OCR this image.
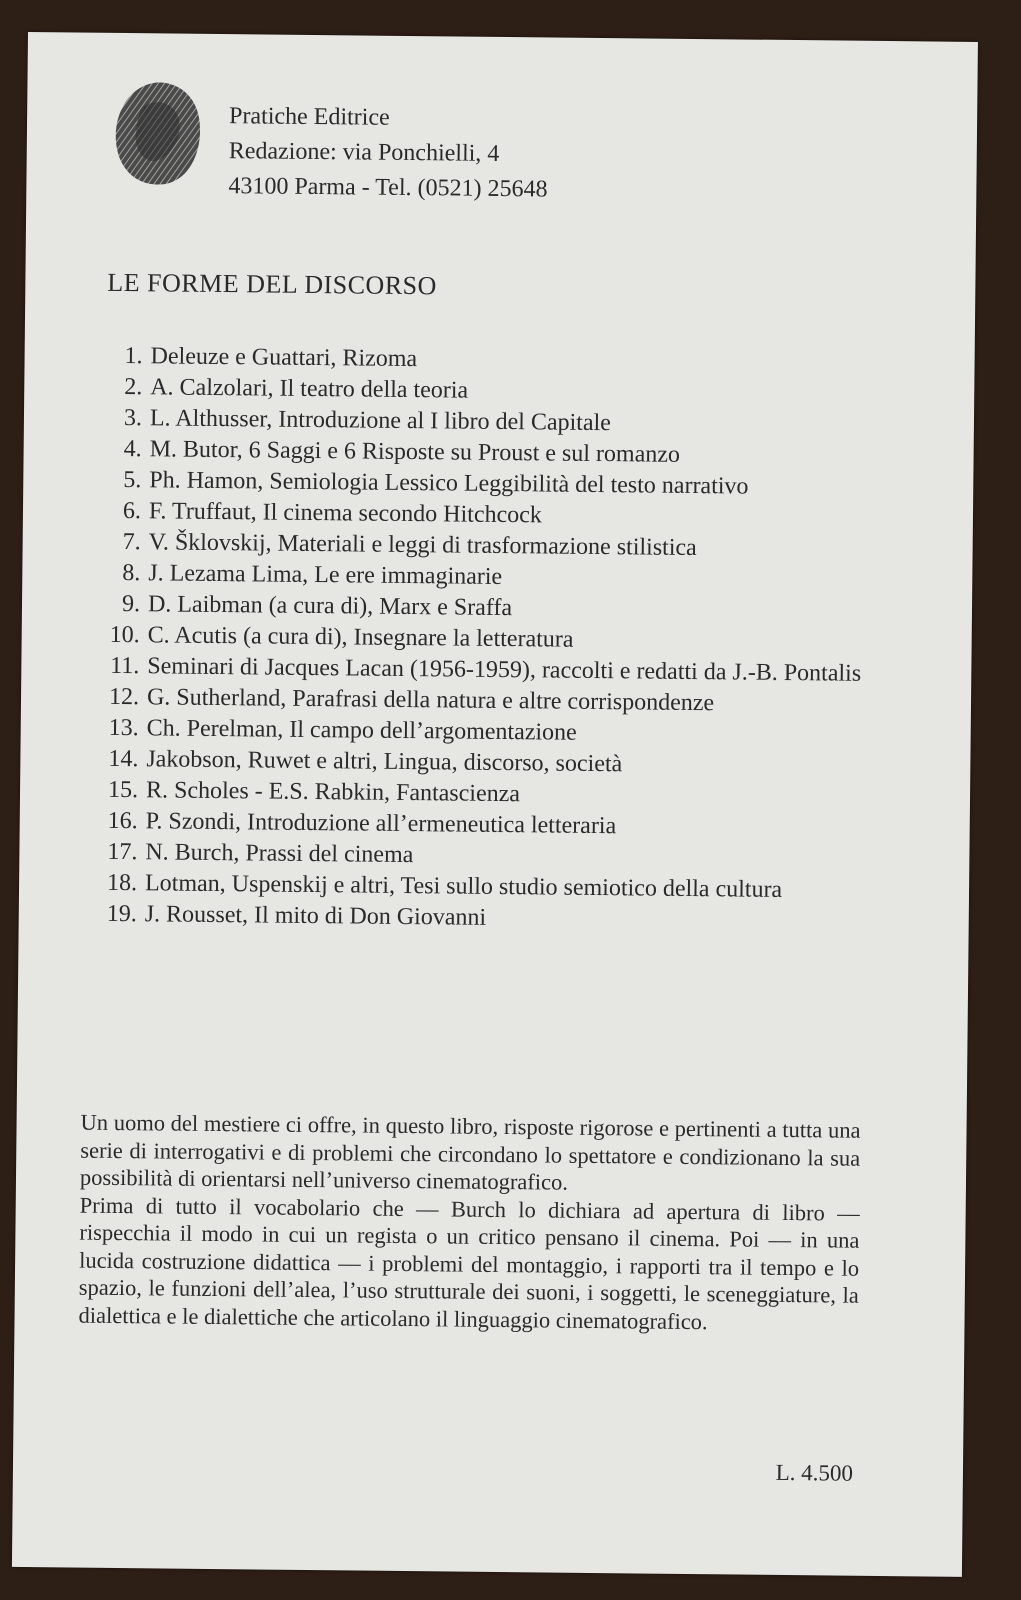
Pratiche Editrice
Redazione: via Ponchielli, 4
43100 Parma - Tel. (0521) 25648
LE FORME DEL DISCORSO
1. Deleuze e Guattari, Rizoma
2. A. Calzolari, Il teatro della teoria
3. L. Althusser, Introduzione al I libro del Capitale
4. M. Butor, 6 Saggi e 6 Risposte su Proust e sul romanzo
5. Ph. Hamon, Semiologia Lessico Leggibilità del testo narrativo
6. F. Truffaut, Il cinema secondo Hitchcock
7. V. Šklovskij, Materiali e leggi di trasformazione stilistica
8. J. Lezama Lima, Le ere immaginarie
9. D. Laibman (a cura di), Marx e Sraffa
10. C. Acutis (a cura di), Insegnare la letteratura
11. Seminari di Jacques Lacan (1956-1959), raccolti e redatti da J.-B. Pontalis
12. G. Sutherland, Parafrasi della natura e altre corrispondenze
13. Ch. Perelman, Il campo dell’argomentazione
14. Jakobson, Ruwet e altri, Lingua, discorso, società
15. R. Scholes - E.S. Rabkin, Fantascienza
16. P. Szondi, Introduzione all’ermeneutica letteraria
17. N. Burch, Prassi del cinema
18. Lotman, Uspenskij e altri, Tesi sullo studio semiotico della cultura
19. J. Rousset, Il mito di Don Giovanni

Un uomo del mestiere ci offre, in questo libro, risposte rigorose e pertinenti a tutta una serie di interrogativi e di problemi che circondano lo spettatore e condizionano la sua possibilità di orientarsi nell’universo cinematografico.

Prima di tutto il vocabolario che — Burch lo dichiara ad apertura di libro — rispecchia il modo in cui un regista o un critico pensano il cinema. Poi — in una lucida costruzione didattica — i problemi del montaggio, i rapporti tra il tempo e lo spazio, le funzioni dell’alea, l’uso strutturale dei suoni, i soggetti, le sceneggiature, la dialettica e le dialettiche che articolano il linguaggio cinematografico.

L. 4.500
